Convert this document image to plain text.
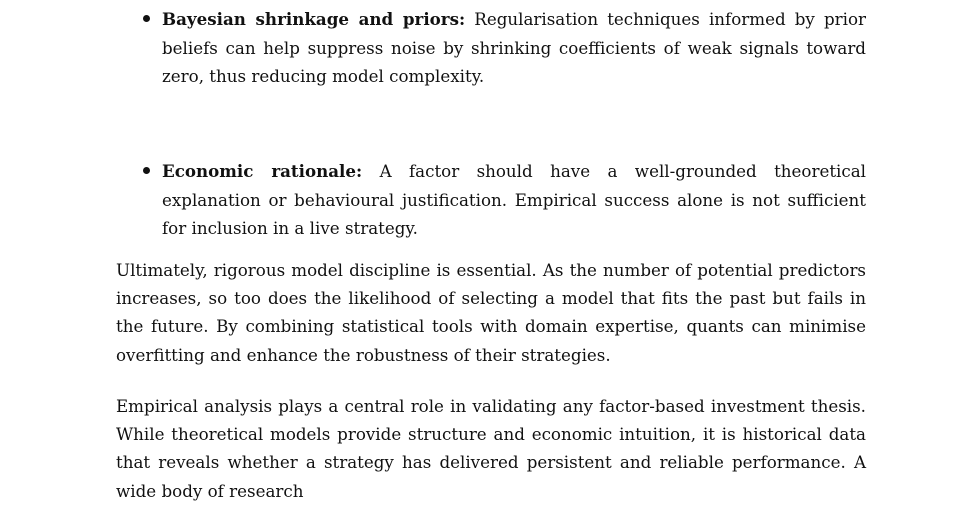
Bayesian shrinkage and priors: Regularisation techniques informed by prior beliefs can help suppress noise by shrinking coefficients of weak signals toward zero, thus reducing model complexity.
Economic rationale: A factor should have a well-grounded theoretical explanation or behavioural justification. Empirical success alone is not sufficient for inclusion in a live strategy.

Ultimately, rigorous model discipline is essential. As the number of potential predictors increases, so too does the likelihood of selecting a model that fits the past but fails in the future. By combining statistical tools with domain expertise, quants can minimise overfitting and enhance the robustness of their strategies.

Empirical analysis plays a central role in validating any factor-based investment thesis. While theoretical models provide structure and economic intuition, it is historical data that reveals whether a strategy has delivered persistent and reliable performance. A wide body of research
